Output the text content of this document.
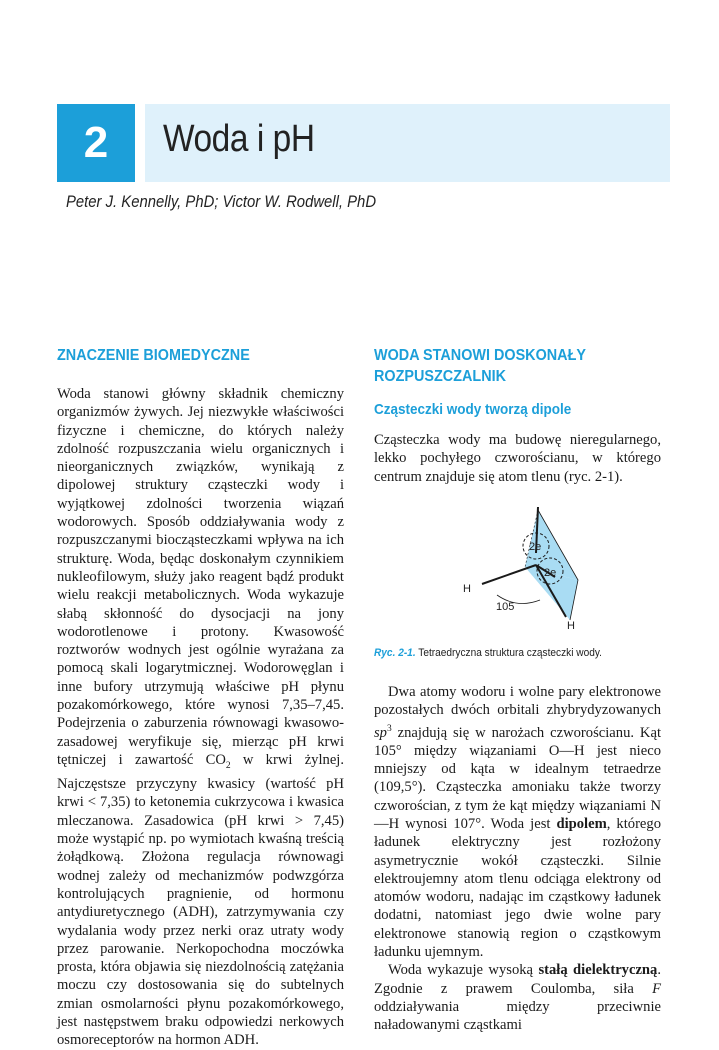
2	Woda i pH
Peter J. Kennelly, PhD; Victor W. Rodwell, PhD
ZNACZENIE BIOMEDYCZNE

Woda stanowi główny składnik chemiczny organizmów żywych. Jej niezwykłe właściwości fizyczne i chemiczne, do których należy zdolność rozpuszczania wielu organicznych i nieorganicznych związków, wynikają z dipolowej struktury cząsteczki wody i wyjątkowej zdolności tworzenia wiązań wodorowych. Sposób oddziaływania wody z rozpuszczanymi biocząsteczkami wpływa na ich strukturę. Woda, będąc doskonałym czynnikiem nukleofilowym, służy jako reagent bądź produkt wielu reakcji metabolicznych. Woda wykazuje słabą skłonność do dysocjacji na jony wodorotlenowe i protony. Kwasowość roztworów wodnych jest ogólnie wyrażana za pomocą skali logarytmicznej. Wodorowęglan i inne bufory utrzymują właściwe pH płynu pozakomórkowego, które wynosi 7,35–7,45. Podejrzenia o zaburzenia równowagi kwasowo-zasadowej weryfikuje się, mierząc pH krwi tętniczej i zawartość $CO_2$ w krwi żylnej. Najczęstsze przyczyny kwasicy (wartość pH krwi < 7,35) to ketonemia cukrzycowa i kwasica mleczanowa. Zasadowica (pH krwi > 7,45) może wystąpić np. po wymiotach kwaśną treścią żołądkową. Złożona regulacja równowagi wodnej zależy od mechanizmów podwzgórza kontrolujących pragnienie, od hormonu antydiuretycznego (ADH), zatrzymywania czy wydalania wody przez nerki oraz utraty wody przez parowanie. Nerkopochodna moczówka prosta, która objawia się niezdolnością zatężania moczu czy dostosowania się do subtelnych zmian osmolarności płynu pozakomórkowego, jest następstwem braku odpowiedzi nerkowych osmoreceptorów na hormon ADH.

WODA STANOWI DOSKONAŁY
ROZPUSZCZALNIK
Cząsteczki wody tworzą dipole

Cząsteczka wody ma budowę nieregularnego, lekko pochyłego czworościanu, w którego centrum znajduje się atom tlenu (ryc. 2-1).

2e
2e
H
H
105

Ryc. 2-1. Tetraedryczna struktura cząsteczki wody.

Dwa atomy wodoru i wolne pary elektronowe pozostałych dwóch orbitali zhybrydyzowanych $sp^3$ znajdują się w narożach czworościanu. Kąt 105° między wiązaniami O—H jest nieco mniejszy od kąta w idealnym tetraedrze (109,5°). Cząsteczka amoniaku także tworzy czworościan, z tym że kąt między wiązaniami N—H wynosi 107°. Woda jest dipolem, którego ładunek elektryczny jest rozłożony asymetrycznie wokół cząsteczki. Silnie elektroujemny atom tlenu odciąga elektrony od atomów wodoru, nadając im cząstkowy ładunek dodatni, natomiast jego dwie wolne pary elektronowe stanowią region o cząstkowym ładunku ujemnym.

Woda wykazuje wysoką stałą dielektryczną. Zgodnie z prawem Coulomba, siła F oddziaływania między przeciwnie naładowanymi cząstkami
